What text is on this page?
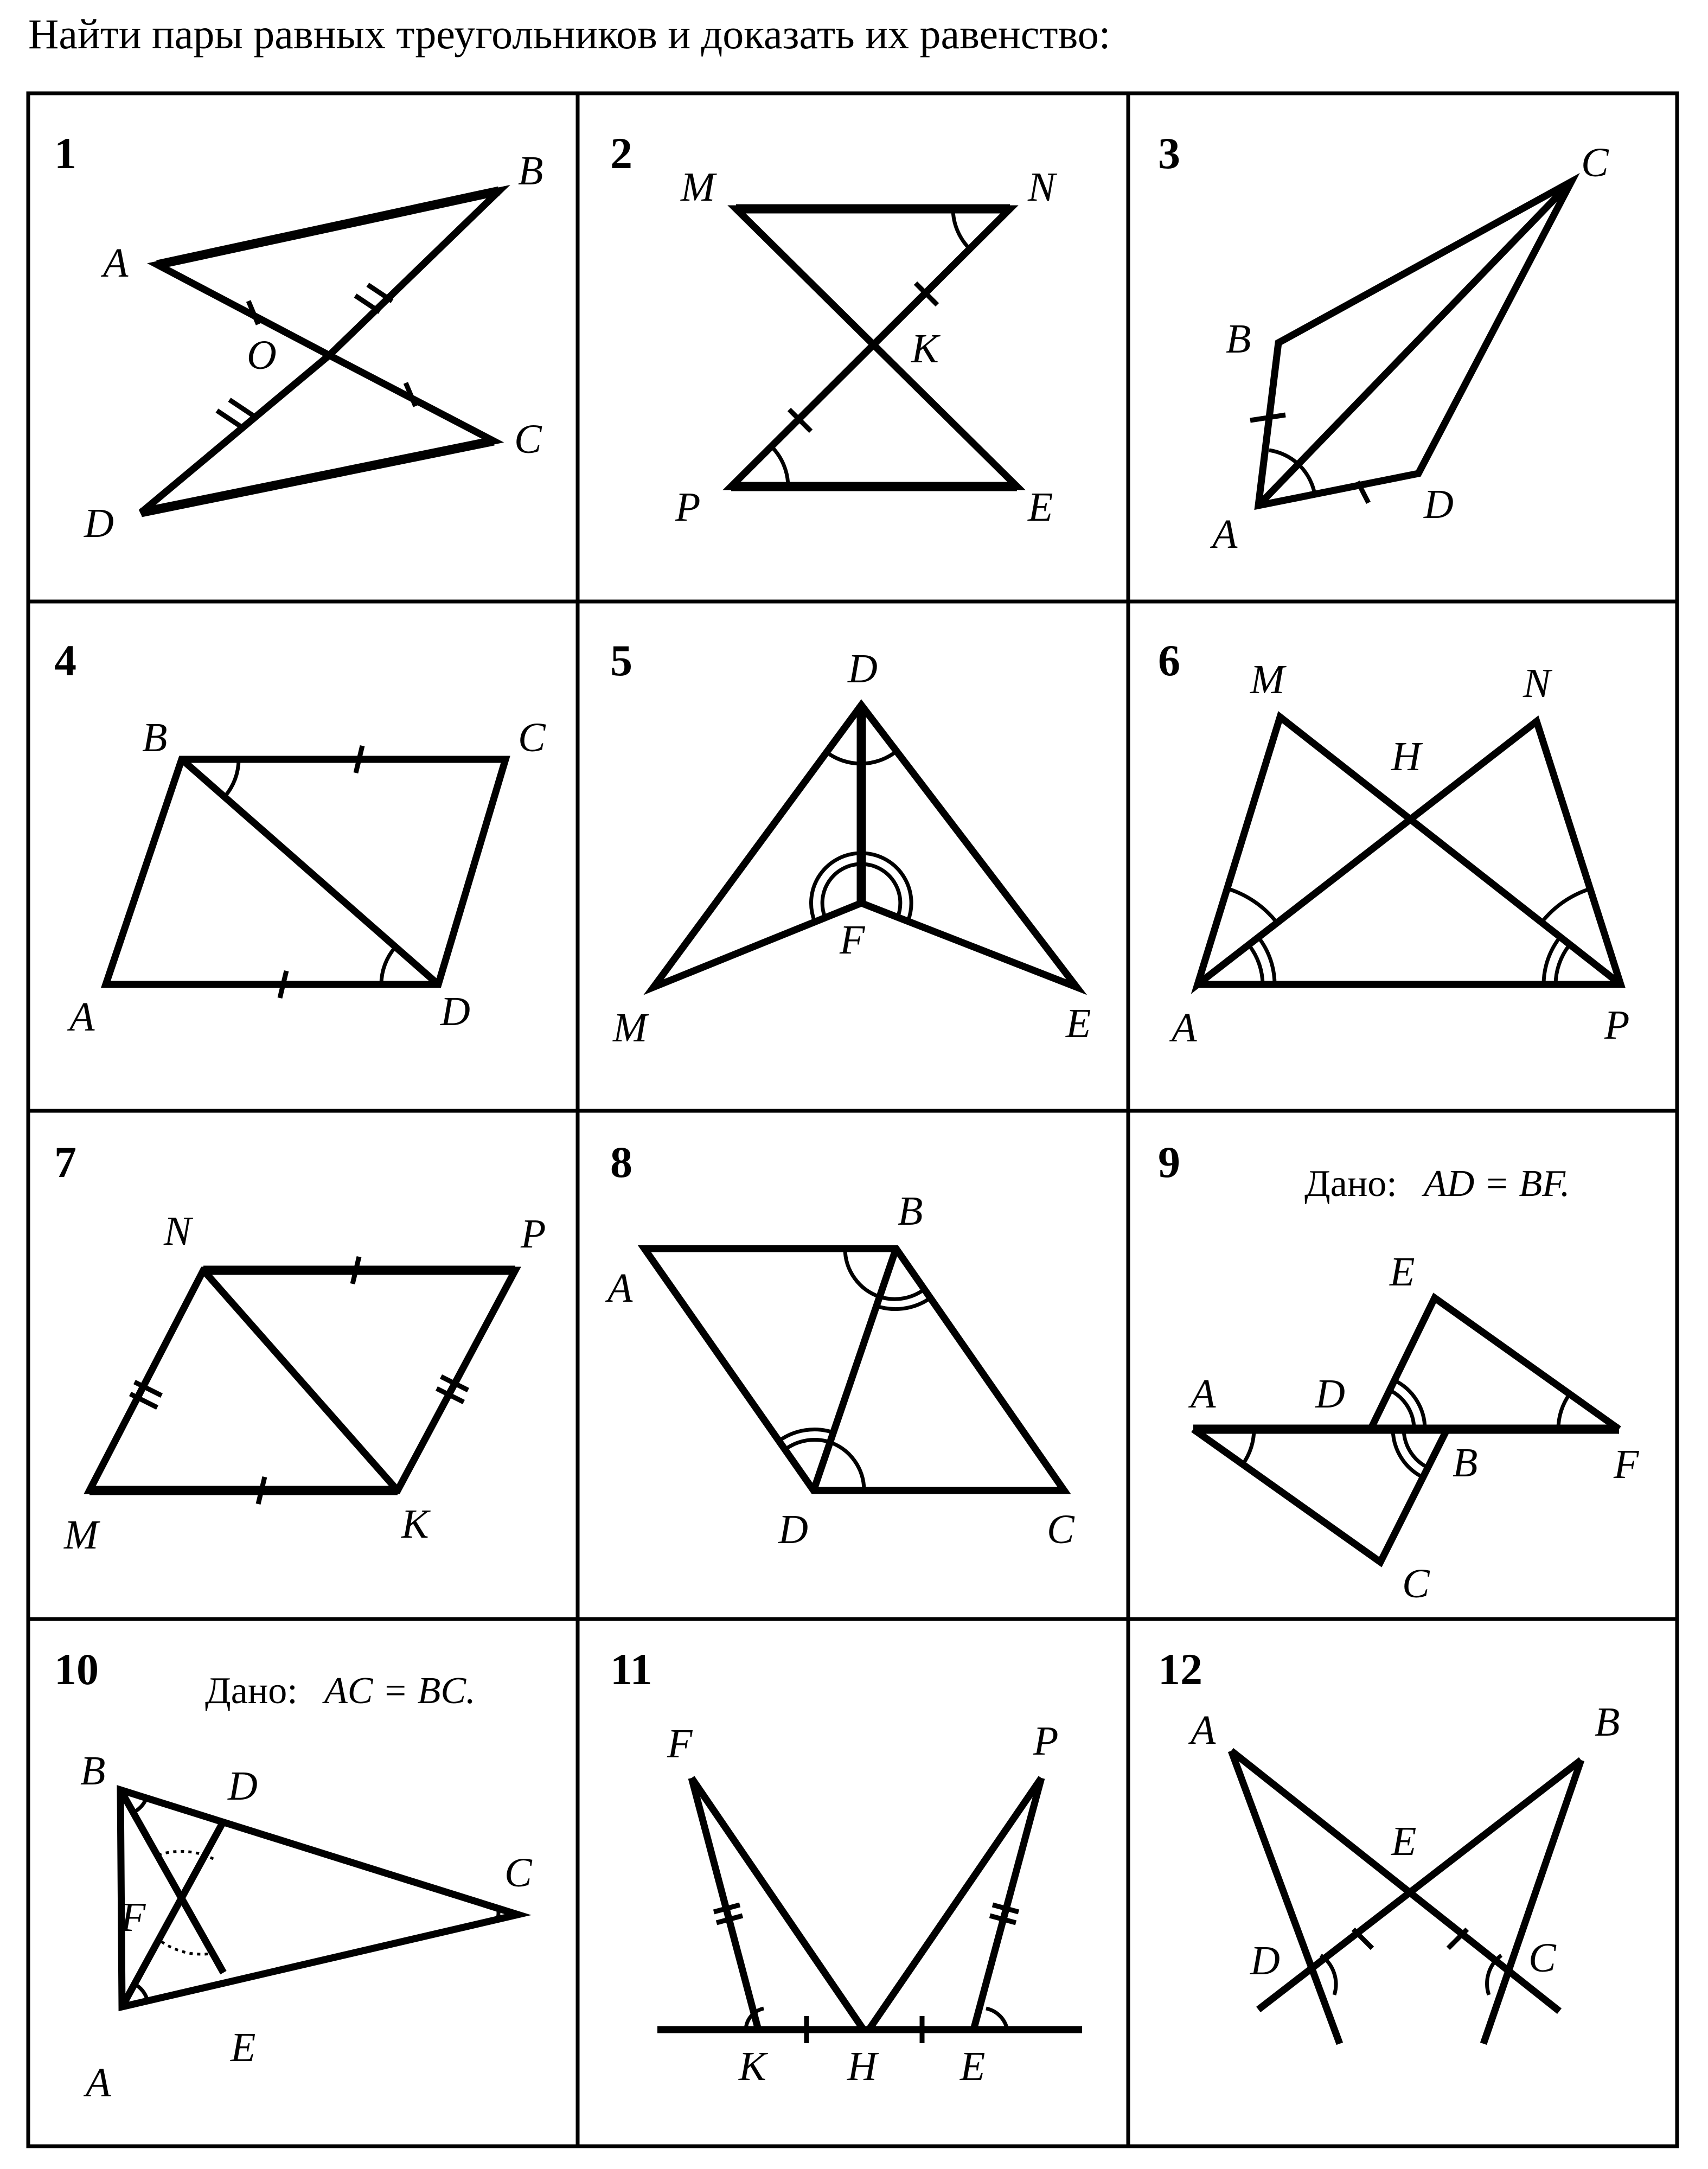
Найти пары равных треугольников и доказать их равенство:
1
A
B
O
C
D
2
M	N
K
P	E
3	C
B
D
A
4
B	C
A	D
5	D
F
M	E
6 M	N
H
A	P
7
N	P
M	K
8
A
B
D	C
9	Дано: AD = BF.
E
A D
B	F
C
10	Дано: AC = BC.
B	D
C
F
E
A
11
F	P
K H E
12
A	B
E
D	C
